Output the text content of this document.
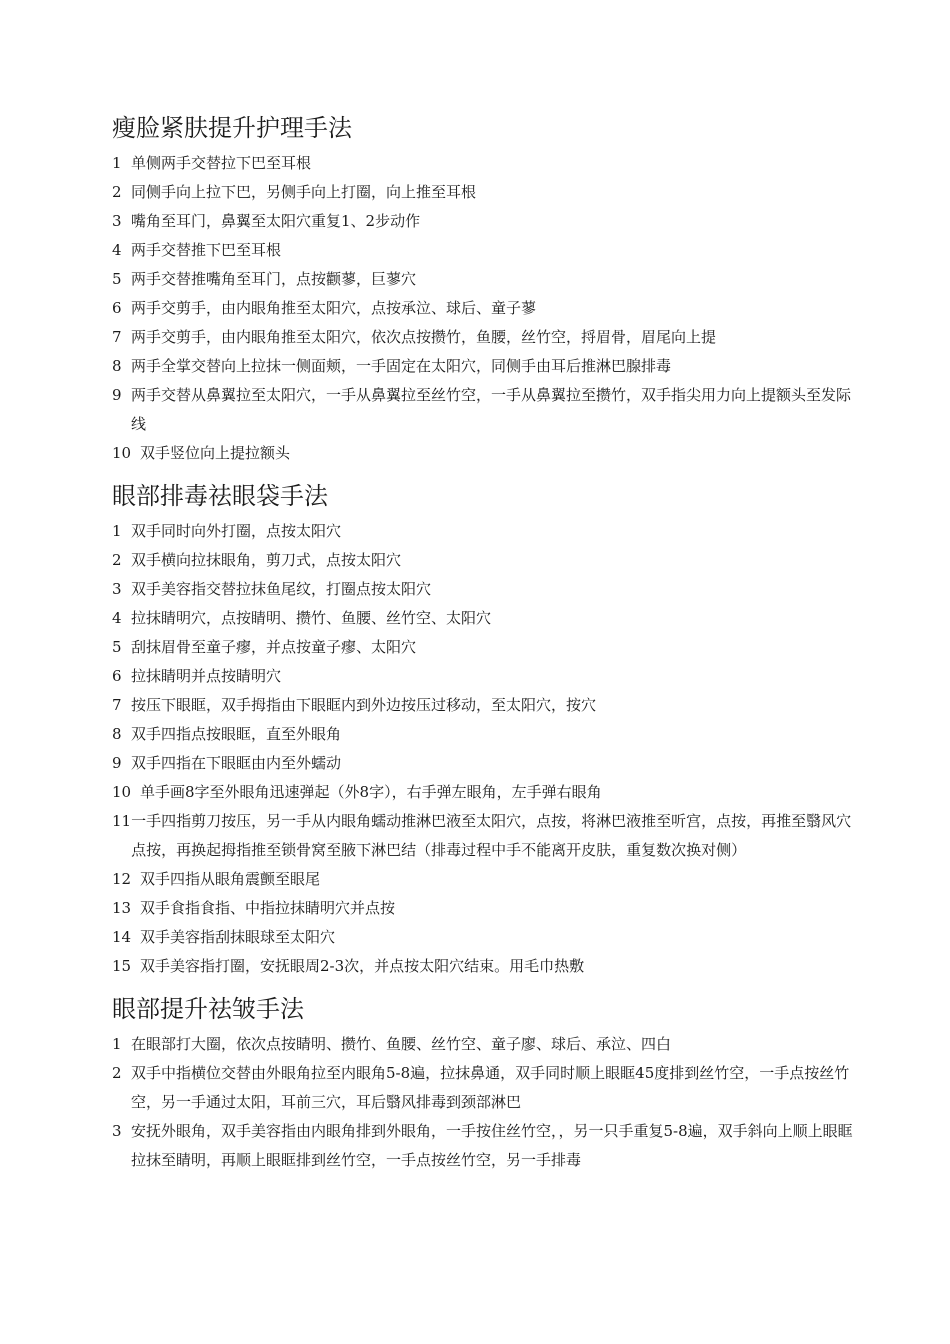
瘦脸紧肤提升护理手法
1 单侧两手交替拉下巴至耳根
2 同侧手向上拉下巴，另侧手向上打圈，向上推至耳根
3 嘴角至耳门，鼻翼至太阳穴重复1、2步动作
4 两手交替推下巴至耳根
5 两手交替推嘴角至耳门，点按颧蓼，巨蓼穴
6 两手交剪手，由内眼角推至太阳穴，点按承泣、球后、童子蓼
7 两手交剪手，由内眼角推至太阳穴，依次点按攒竹，鱼腰，丝竹空，捋眉骨，眉尾向上提
8 两手全掌交替向上拉抹一侧面颊，一手固定在太阳穴，同侧手由耳后推淋巴腺排毒
9 两手交替从鼻翼拉至太阳穴，一手从鼻翼拉至丝竹空，一手从鼻翼拉至攒竹，双手指尖用力向上提额头至发际线
10 双手竖位向上提拉额头
眼部排毒祛眼袋手法
1 双手同时向外打圈，点按太阳穴
2 双手横向拉抹眼角，剪刀式，点按太阳穴
3 双手美容指交替拉抹鱼尾纹，打圈点按太阳穴
4 拉抹睛明穴，点按睛明、攒竹、鱼腰、丝竹空、太阳穴
5 刮抹眉骨至童子瘳，并点按童子瘳、太阳穴
6 拉抹睛明并点按睛明穴
7 按压下眼眶，双手拇指由下眼眶内到外边按压过移动，至太阳穴，按穴
8 双手四指点按眼眶，直至外眼角
9 双手四指在下眼眶由内至外蠕动
10 单手画8字至外眼角迅速弹起（外8字），右手弹左眼角，左手弹右眼角
11 一手四指剪刀按压，另一手从内眼角蠕动推淋巴液至太阳穴，点按，将淋巴液推至听宫，点按，再推至翳风穴点按，再换起拇指推至锁骨窝至腋下淋巴结（排毒过程中手不能离开皮肤，重复数次换对侧）
12 双手四指从眼角震颤至眼尾
13 双手食指食指、中指拉抹睛明穴并点按
14 双手美容指刮抹眼球至太阳穴
15 双手美容指打圈，安抚眼周2-3次，并点按太阳穴结束。用毛巾热敷
眼部提升祛皱手法
1 在眼部打大圈，依次点按睛明、攒竹、鱼腰、丝竹空、童子廖、球后、承泣、四白
2 双手中指横位交替由外眼角拉至内眼角5-8遍，拉抹鼻通，双手同时顺上眼眶45度排到丝竹空，一手点按丝竹空，另一手通过太阳，耳前三穴，耳后翳风排毒到颈部淋巴
3 安抚外眼角，双手美容指由内眼角排到外眼角，一手按住丝竹空，，另一只手重复5-8遍，双手斜向上顺上眼眶拉抹至睛明，再顺上眼眶排到丝竹空，一手点按丝竹空，另一手排毒
